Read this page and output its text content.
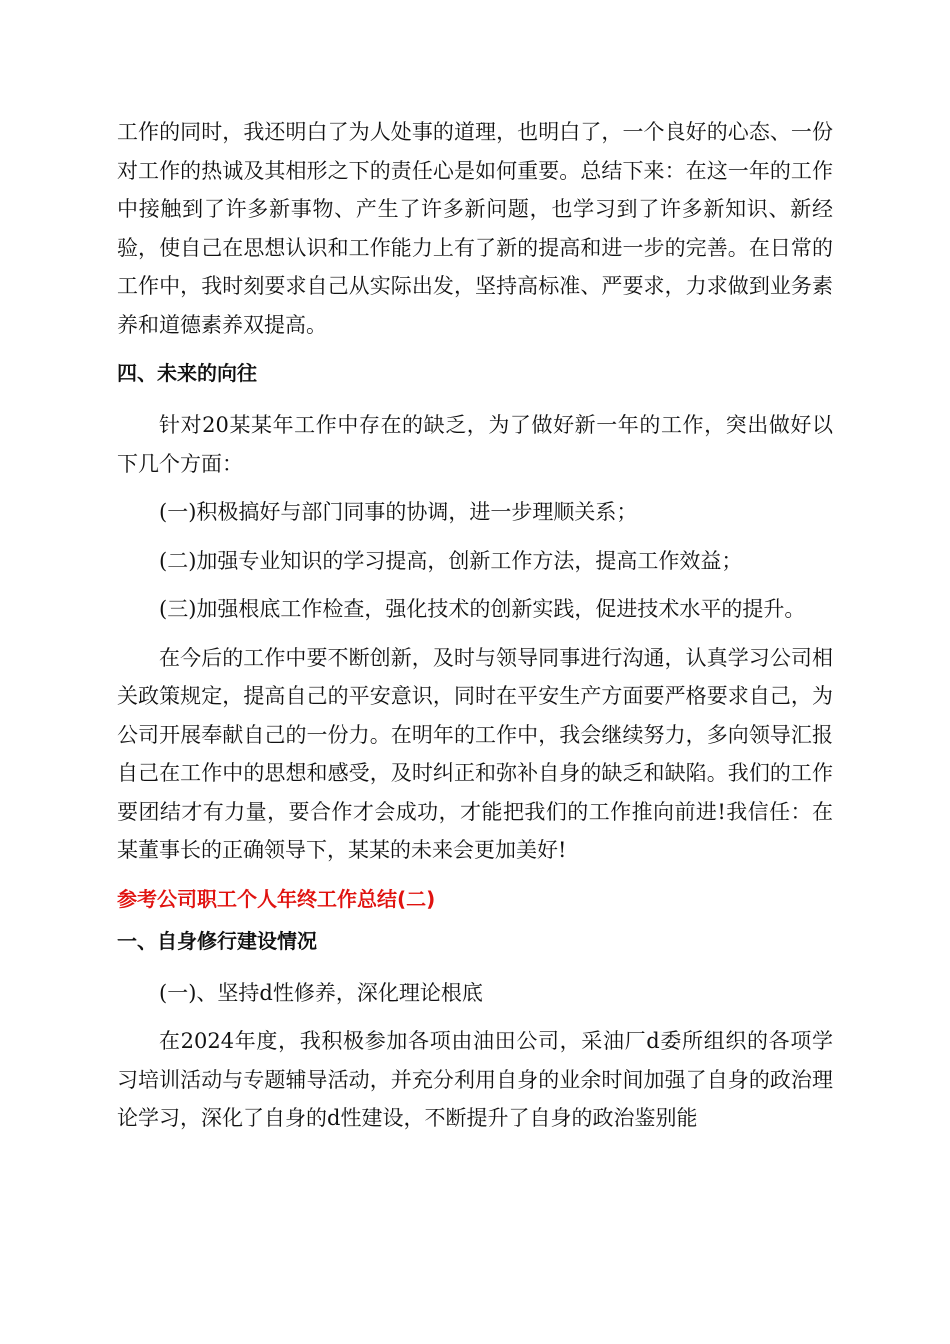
工作的同时，我还明白了为人处事的道理，也明白了，一个良好的心态、一份对工作的热诚及其相形之下的责任心是如何重要。总结下来：在这一年的工作中接触到了许多新事物、产生了许多新问题，也学习到了许多新知识、新经验，使自己在思想认识和工作能力上有了新的提高和进一步的完善。在日常的工作中，我时刻要求自己从实际出发，坚持高标准、严要求，力求做到业务素养和道德素养双提高。

四、未来的向往

针对20某某年工作中存在的缺乏，为了做好新一年的工作，突出做好以下几个方面：

(一)积极搞好与部门同事的协调，进一步理顺关系；

(二)加强专业知识的学习提高，创新工作方法，提高工作效益；

(三)加强根底工作检查，强化技术的创新实践，促进技术水平的提升。

在今后的工作中要不断创新，及时与领导同事进行沟通，认真学习公司相关政策规定，提高自己的平安意识，同时在平安生产方面要严格要求自己，为公司开展奉献自己的一份力。在明年的工作中，我会继续努力，多向领导汇报自己在工作中的思想和感受，及时纠正和弥补自身的缺乏和缺陷。我们的工作要团结才有力量，要合作才会成功，才能把我们的工作推向前进!我信任：在某董事长的正确领导下，某某的未来会更加美好!

参考公司职工个人年终工作总结(二)

一、自身修行建设情况

(一)、坚持d性修养，深化理论根底

在2024年度，我积极参加各项由油田公司，采油厂d委所组织的各项学习培训活动与专题辅导活动，并充分利用自身的业余时间加强了自身的政治理论学习，深化了自身的d性建设，不断提升了自身的政治鉴别能
